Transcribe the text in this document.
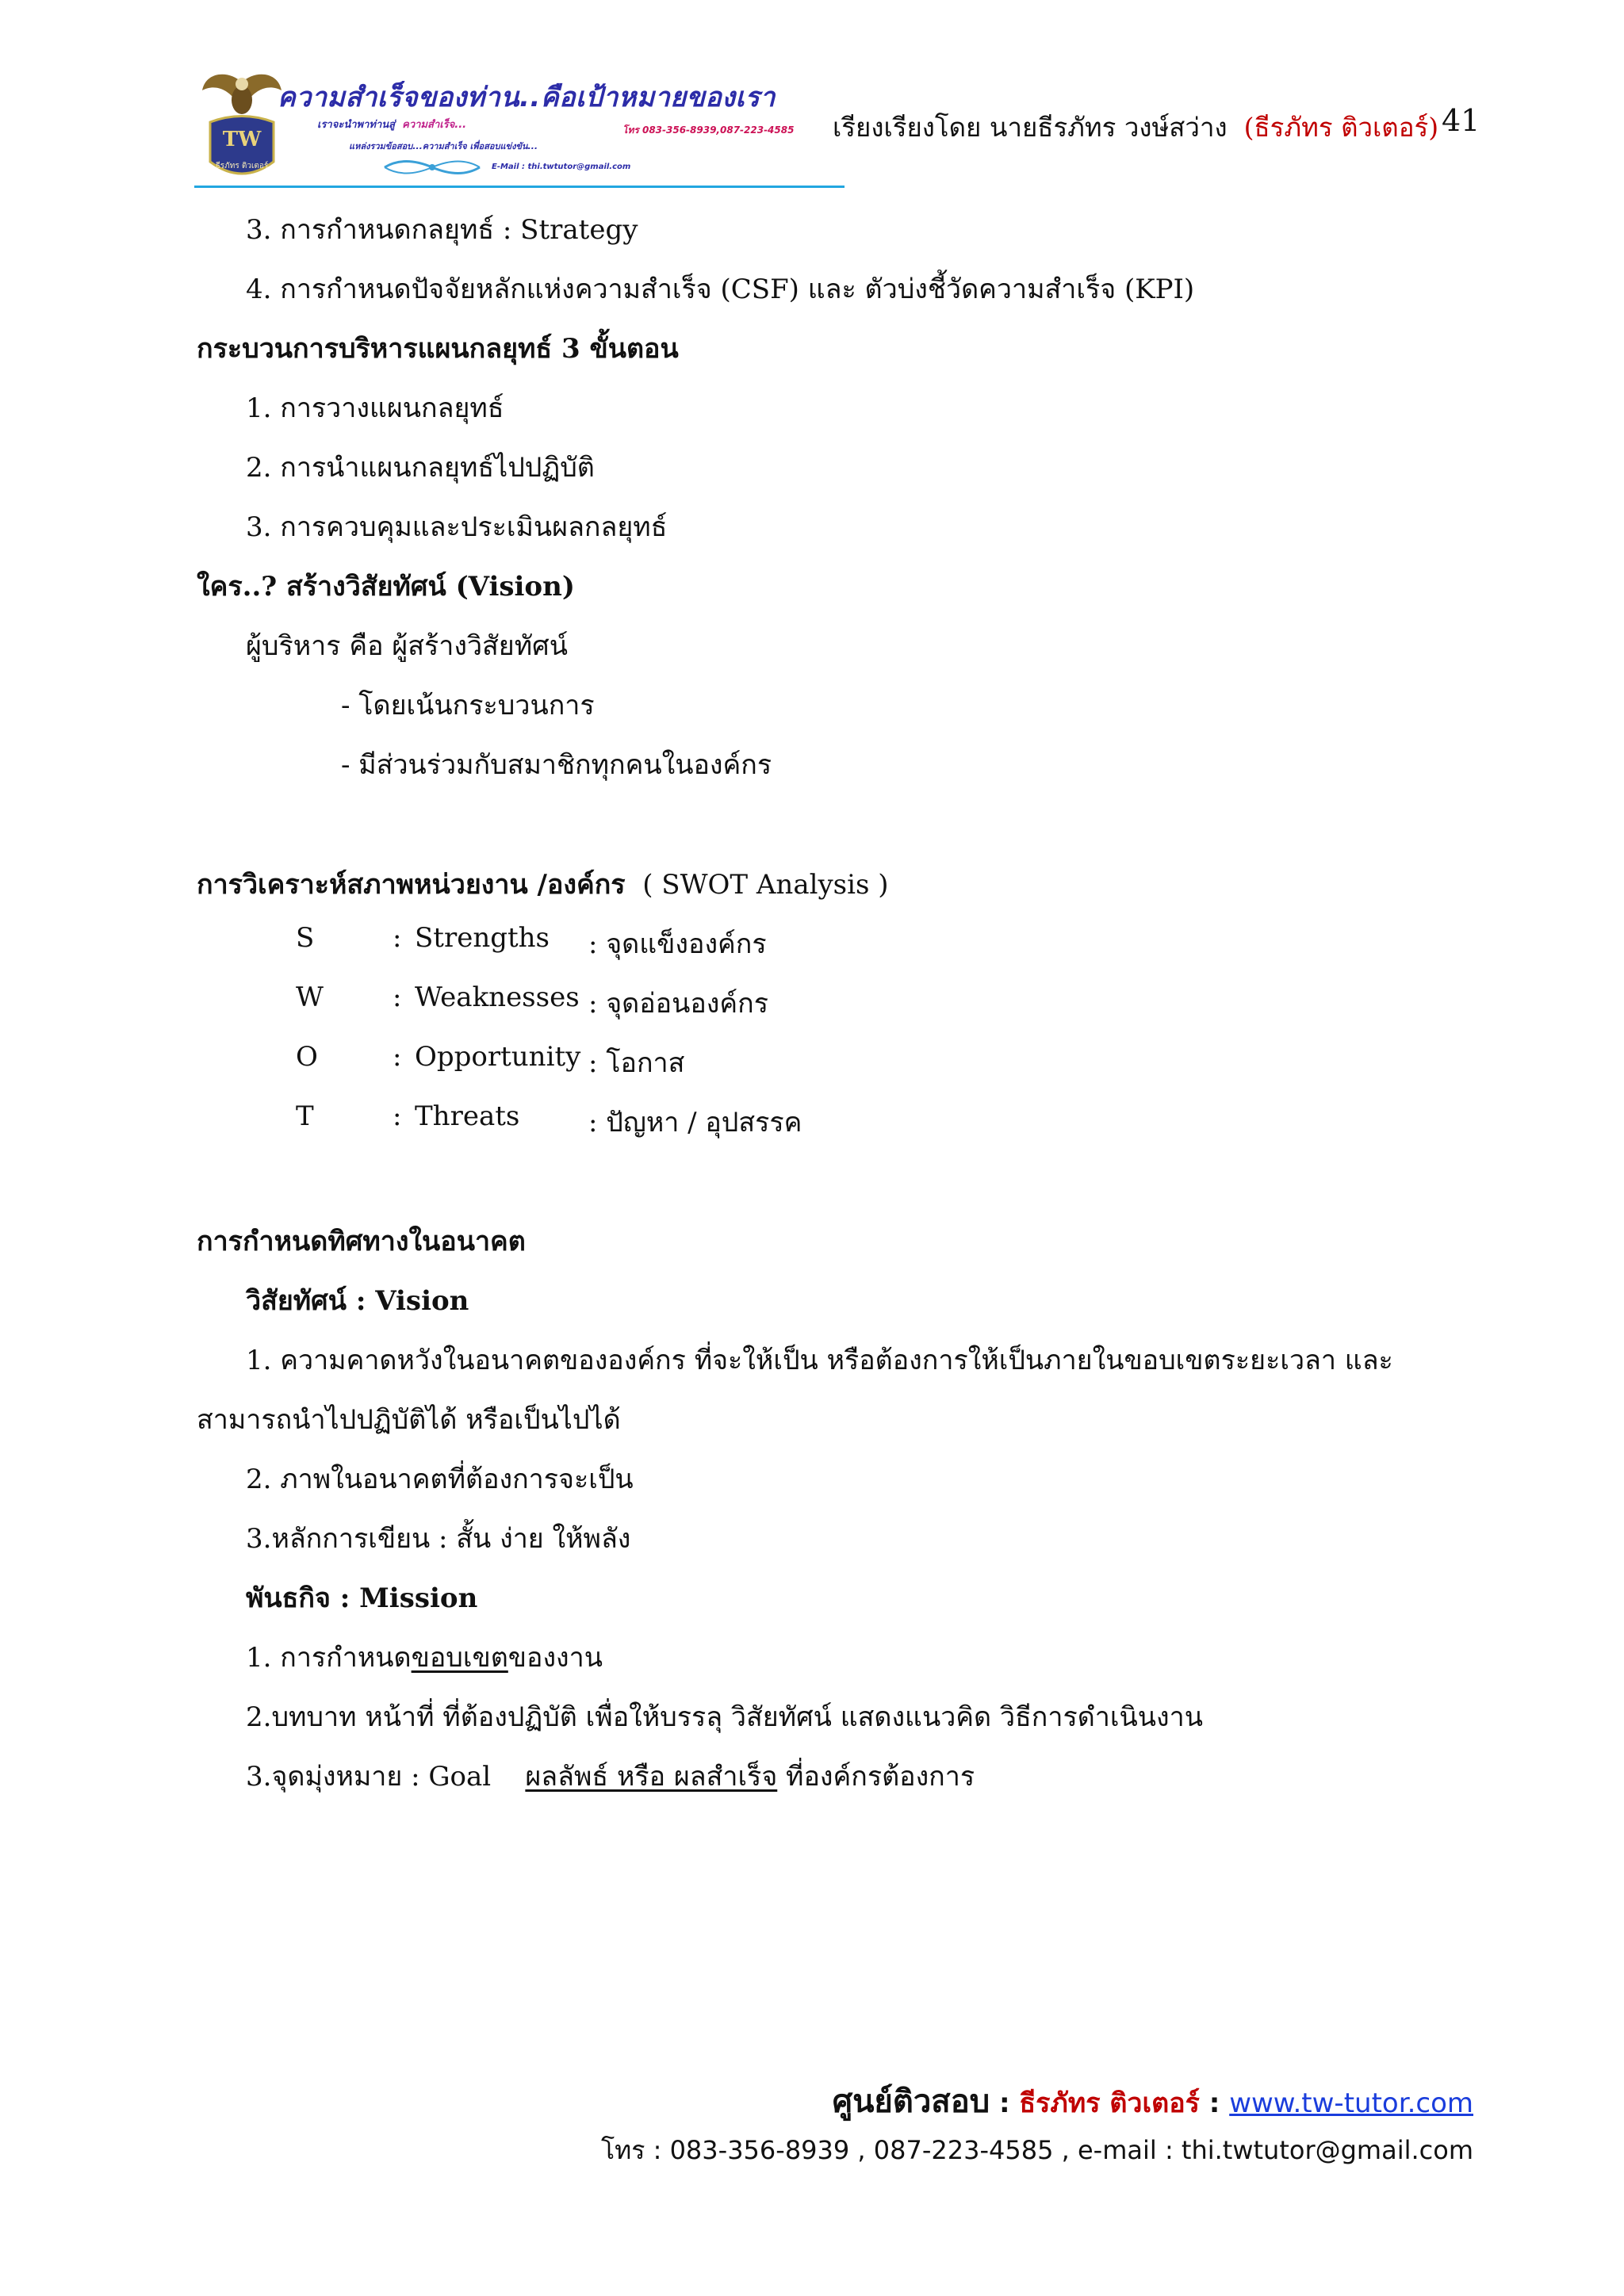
TW
ธีรภัทร ติวเตอร์
ความสำเร็จของท่าน..คือเป้าหมายของเรา
เราจะนำพาท่านสู่ ความสำเร็จ...
แหล่งรวมข้อสอบ...ความสำเร็จ เพื่อสอบแข่งขัน...
โทร 083-356-8939,087-223-4585
E-Mail : thi.twtutor@gmail.com
เรียงเรียงโดย นายธีรภัทร วงษ์สว่าง (ธีรภัทร ติวเตอร์) 41
3. การกำหนดกลยุทธ์ : Strategy
4. การกำหนดปัจจัยหลักแห่งความสำเร็จ (CSF) และ ตัวบ่งชี้วัดความสำเร็จ (KPI)
กระบวนการบริหารแผนกลยุทธ์ 3 ขั้นตอน
1. การวางแผนกลยุทธ์
2. การนำแผนกลยุทธ์ไปปฏิบัติ
3. การควบคุมและประเมินผลกลยุทธ์
ใคร..? สร้างวิสัยทัศน์ (Vision)
ผู้บริหาร คือ ผู้สร้างวิสัยทัศน์
- โดยเน้นกระบวนการ
- มีส่วนร่วมกับสมาชิกทุกคนในองค์กร
การวิเคราะห์สภาพหน่วยงาน /องค์กร ( SWOT Analysis )
S	: Strengths : จุดแข็งองค์กร
W	: Weaknesses : จุดอ่อนองค์กร
O	: Opportunity : โอกาส
T	: Threats	: ปัญหา / อุปสรรค
การกำหนดทิศทางในอนาคต
วิสัยทัศน์ : Vision
1. ความคาดหวังในอนาคตขององค์กร ที่จะให้เป็น หรือต้องการให้เป็นภายในขอบเขตระยะเวลา และ
สามารถนำไปปฏิบัติได้ หรือเป็นไปได้
2. ภาพในอนาคตที่ต้องการจะเป็น
3.หลักการเขียน : สั้น ง่าย ให้พลัง
พันธกิจ : Mission
1. การกำหนดขอบเขตของงาน
2.บทบาท หน้าที่ ที่ต้องปฏิบัติ เพื่อให้บรรลุ วิสัยทัศน์ แสดงแนวคิด วิธีการดำเนินงาน
3.จุดมุ่งหมาย : Goal ผลลัพธ์ หรือ ผลสำเร็จ ที่องค์กรต้องการ
ศูนย์ติวสอบ : ธีรภัทร ติวเตอร์ : www.tw-tutor.com
โทร : 083-356-8939 , 087-223-4585 , e-mail : thi.twtutor@gmail.com
